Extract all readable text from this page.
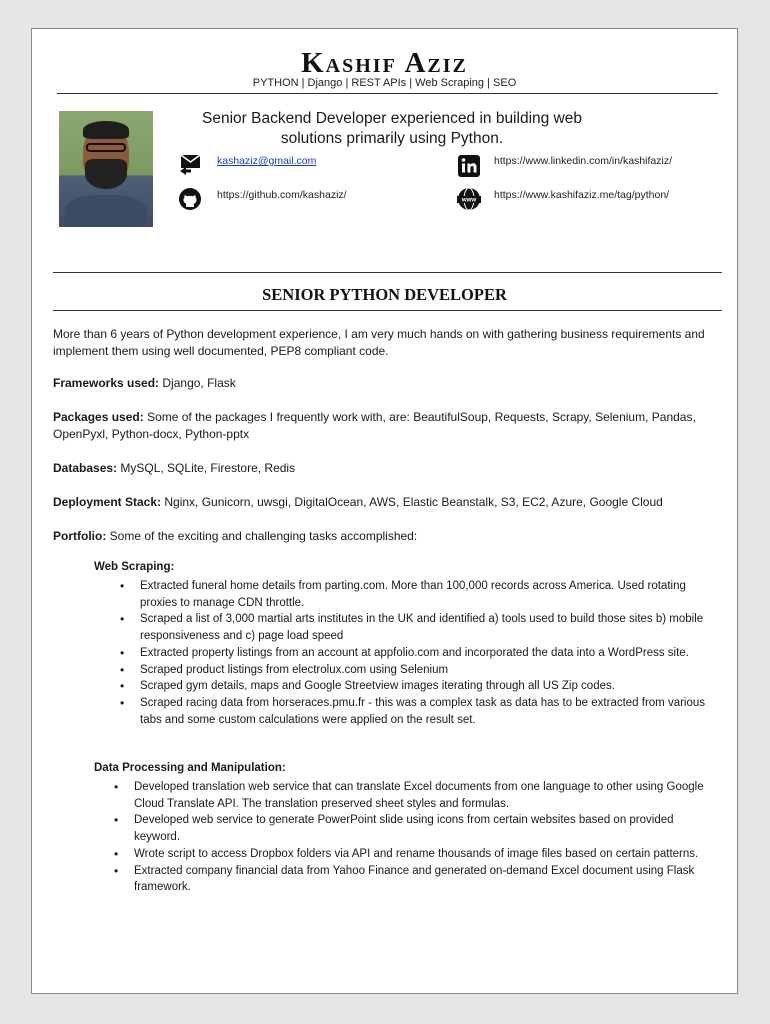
Kashif Aziz
PYTHON | Django | REST APIs | Web Scraping | SEO
Senior Backend Developer experienced in building web solutions primarily using Python.
kashaziz@gmail.com	https://www.linkedin.com/in/kashifaziz/
https://github.com/kashaziz/	www https://www.kashifaziz.me/tag/python/
SENIOR PYTHON DEVELOPER
More than 6 years of Python development experience, I am very much hands on with gathering business requirements and implement them using well documented, PEP8 compliant code.
Frameworks used: Django, Flask
Packages used: Some of the packages I frequently work with, are: BeautifulSoup, Requests, Scrapy, Selenium, Pandas, OpenPyxl, Python-docx, Python-pptx
Databases: MySQL, SQLite, Firestore, Redis
Deployment Stack: Nginx, Gunicorn, uwsgi, DigitalOcean, AWS, Elastic Beanstalk, S3, EC2, Azure, Google Cloud
Portfolio: Some of the exciting and challenging tasks accomplished:
Web Scraping:
• Extracted funeral home details from parting.com. More than 100,000 records across America. Used rotating proxies to manage CDN throttle.
• Scraped a list of 3,000 martial arts institutes in the UK and identified a) tools used to build those sites b) mobile responsiveness and c) page load speed
• Extracted property listings from an account at appfolio.com and incorporated the data into a WordPress site.
• Scraped product listings from electrolux.com using Selenium
• Scraped gym details, maps and Google Streetview images iterating through all US Zip codes.
• Scraped racing data from horseraces.pmu.fr - this was a complex task as data has to be extracted from various tabs and some custom calculations were applied on the result set.
Data Processing and Manipulation:
• Developed translation web service that can translate Excel documents from one language to other using Google Cloud Translate API. The translation preserved sheet styles and formulas.
• Developed web service to generate PowerPoint slide using icons from certain websites based on provided keyword.
• Wrote script to access Dropbox folders via API and rename thousands of image files based on certain patterns.
• Extracted company financial data from Yahoo Finance and generated on-demand Excel document using Flask framework.
